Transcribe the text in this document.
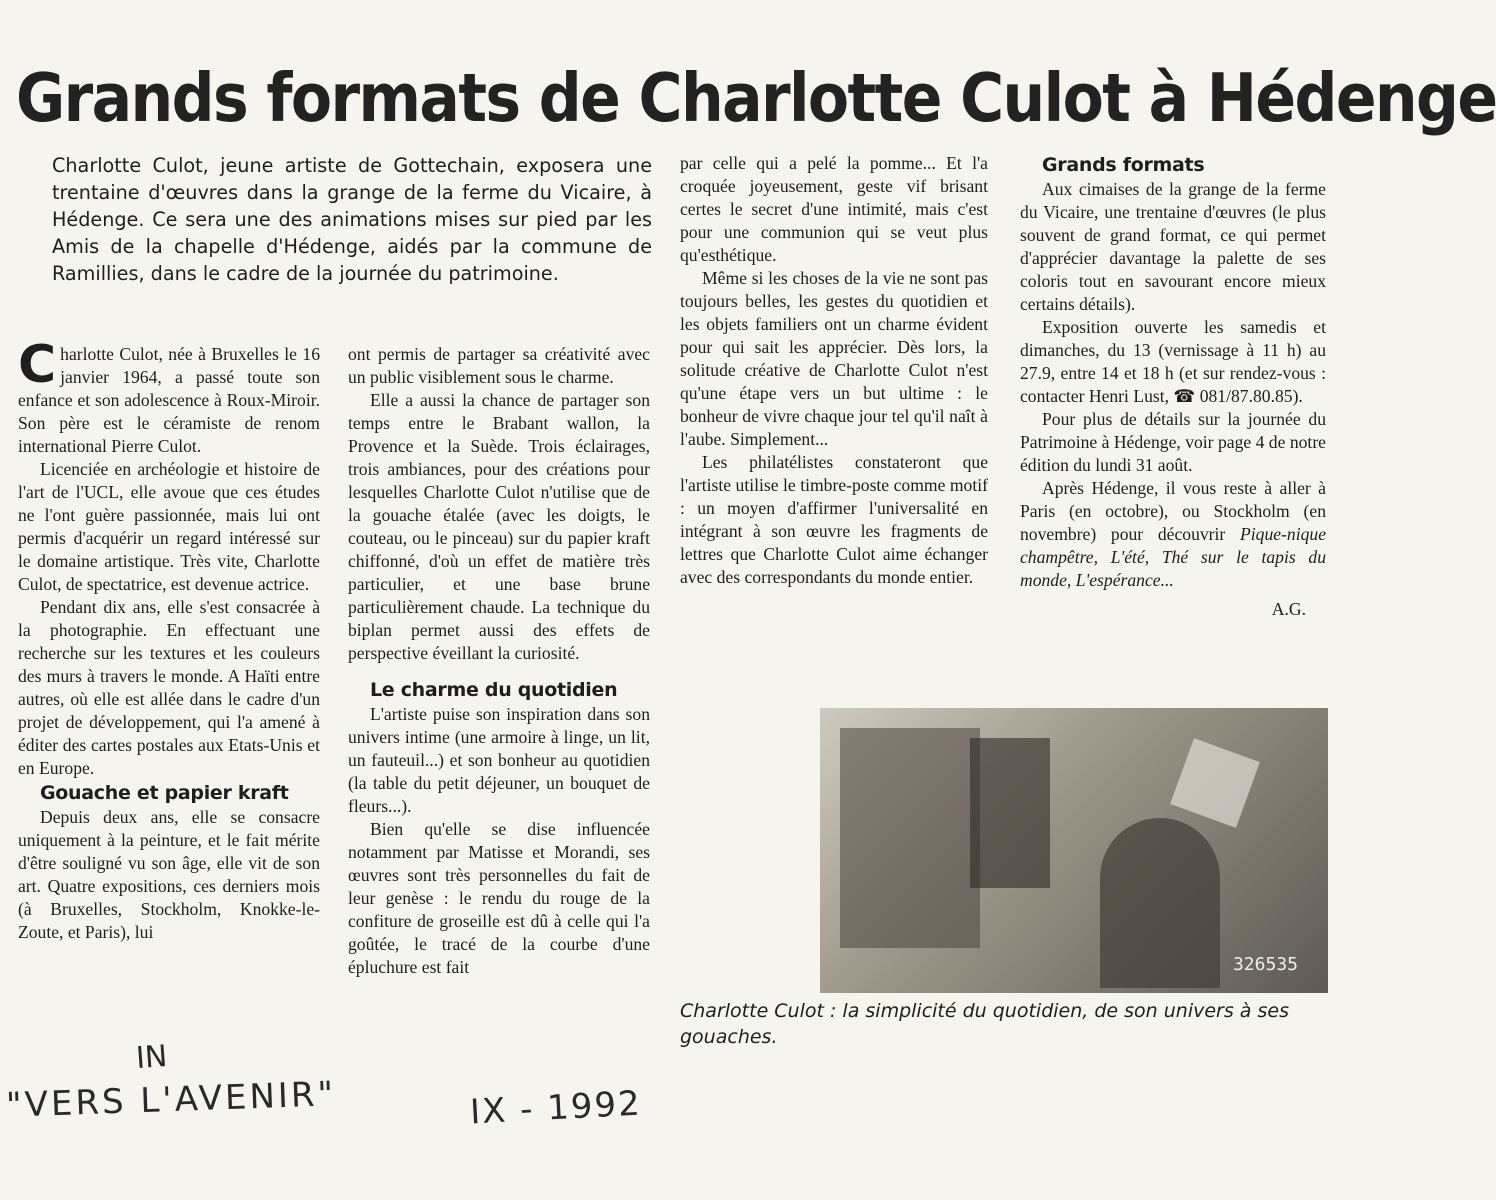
Grands formats de Charlotte Culot à Hédenge

Charlotte Culot, jeune artiste de Gottechain, exposera une trentaine d'œuvres dans la grange de la ferme du Vicaire, à Hédenge. Ce sera une des animations mises sur pied par les Amis de la chapelle d'Hédenge, aidés par la commune de Ramillies, dans le cadre de la journée du patrimoine.

Charlotte Culot, née à Bruxelles le 16 janvier 1964, a passé toute son enfance et son adolescence à Roux-Miroir. Son père est le céramiste de renom international Pierre Culot.

Licenciée en archéologie et histoire de l'art de l'UCL, elle avoue que ces études ne l'ont guère passionnée, mais lui ont permis d'acquérir un regard intéressé sur le domaine artistique. Très vite, Charlotte Culot, de spectatrice, est devenue actrice.

Pendant dix ans, elle s'est consacrée à la photographie. En effectuant une recherche sur les textures et les couleurs des murs à travers le monde. A Haïti entre autres, où elle est allée dans le cadre d'un projet de développement, qui l'a amené à éditer des cartes postales aux Etats-Unis et en Europe.

Gouache et papier kraft

Depuis deux ans, elle se consacre uniquement à la peinture, et le fait mérite d'être souligné vu son âge, elle vit de son art. Quatre expositions, ces derniers mois (à Bruxelles, Stockholm, Knokke-le-Zoute, et Paris), lui

ont permis de partager sa créativité avec un public visiblement sous le charme.

Elle a aussi la chance de partager son temps entre le Brabant wallon, la Provence et la Suède. Trois éclairages, trois ambiances, pour des créations pour lesquelles Charlotte Culot n'utilise que de la gouache étalée (avec les doigts, le couteau, ou le pinceau) sur du papier kraft chiffonné, d'où un effet de matière très particulier, et une base brune particulièrement chaude. La technique du biplan permet aussi des effets de perspective éveillant la curiosité.

Le charme du quotidien

L'artiste puise son inspiration dans son univers intime (une armoire à linge, un lit, un fauteuil...) et son bonheur au quotidien (la table du petit déjeuner, un bouquet de fleurs...).

Bien qu'elle se dise influencée notamment par Matisse et Morandi, ses œuvres sont très personnelles du fait de leur genèse : le rendu du rouge de la confiture de groseille est dû à celle qui l'a goûtée, le tracé de la courbe d'une épluchure est fait

par celle qui a pelé la pomme... Et l'a croquée joyeusement, geste vif brisant certes le secret d'une intimité, mais c'est pour une communion qui se veut plus qu'esthétique.

Même si les choses de la vie ne sont pas toujours belles, les gestes du quotidien et les objets familiers ont un charme évident pour qui sait les apprécier. Dès lors, la solitude créative de Charlotte Culot n'est qu'une étape vers un but ultime : le bonheur de vivre chaque jour tel qu'il naît à l'aube. Simplement...

Les philatélistes constateront que l'artiste utilise le timbre-poste comme motif : un moyen d'affirmer l'universalité en intégrant à son œuvre les fragments de lettres que Charlotte Culot aime échanger avec des correspondants du monde entier.

Grands formats

Aux cimaises de la grange de la ferme du Vicaire, une trentaine d'œuvres (le plus souvent de grand format, ce qui permet d'apprécier davantage la palette de ses coloris tout en savourant encore mieux certains détails).

Exposition ouverte les samedis et dimanches, du 13 (vernissage à 11 h) au 27.9, entre 14 et 18 h (et sur rendez-vous : contacter Henri Lust, ☎ 081/87.80.85).

Pour plus de détails sur la journée du Patrimoine à Hédenge, voir page 4 de notre édition du lundi 31 août.

Après Hédenge, il vous reste à aller à Paris (en octobre), ou Stockholm (en novembre) pour découvrir Pique-nique champêtre, L'été, Thé sur le tapis du monde, L'espérance...

A.G.

326535

Charlotte Culot : la simplicité du quotidien, de son univers à ses gouaches.

IN

"VERS L'AVENIR"	IX - 1992
